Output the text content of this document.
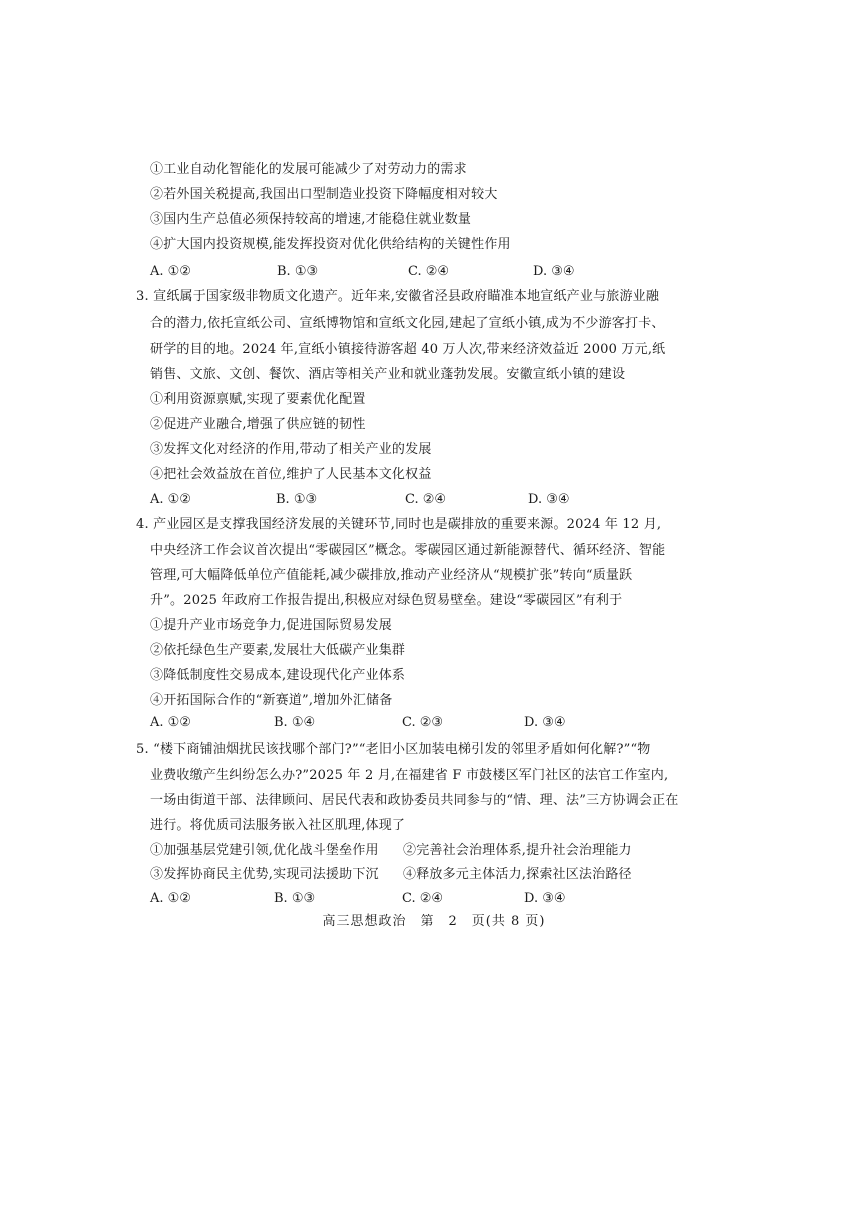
①工业自动化智能化的发展可能减少了对劳动力的需求
②若外国关税提高,我国出口型制造业投资下降幅度相对较大
③国内生产总值必须保持较高的增速,才能稳住就业数量
④扩大国内投资规模,能发挥投资对优化供给结构的关键性作用
A. ①②	B. ①③	C. ②④	D. ③④
3. 宣纸属于国家级非物质文化遗产。近年来,安徽省泾县政府瞄准本地宣纸产业与旅游业融
合的潜力,依托宣纸公司、宣纸博物馆和宣纸文化园,建起了宣纸小镇,成为不少游客打卡、
研学的目的地。2024 年,宣纸小镇接待游客超 40 万人次,带来经济效益近 2000 万元,纸
销售、文旅、文创、餐饮、酒店等相关产业和就业蓬勃发展。安徽宣纸小镇的建设
①利用资源禀赋,实现了要素优化配置
②促进产业融合,增强了供应链的韧性
③发挥文化对经济的作用,带动了相关产业的发展
④把社会效益放在首位,维护了人民基本文化权益
A. ①②	B. ①③	C. ②④	D. ③④
4. 产业园区是支撑我国经济发展的关键环节,同时也是碳排放的重要来源。2024 年 12 月,
中央经济工作会议首次提出“零碳园区”概念。零碳园区通过新能源替代、循环经济、智能
管理,可大幅降低单位产值能耗,减少碳排放,推动产业经济从“规模扩张”转向“质量跃
升”。2025 年政府工作报告提出,积极应对绿色贸易壁垒。建设“零碳园区”有利于
①提升产业市场竞争力,促进国际贸易发展
②依托绿色生产要素,发展壮大低碳产业集群
③降低制度性交易成本,建设现代化产业体系
④开拓国际合作的“新赛道”,增加外汇储备
A. ①②	B. ①④	C. ②③	D. ③④
5. “楼下商铺油烟扰民该找哪个部门?”“老旧小区加装电梯引发的邻里矛盾如何化解?”“物
业费收缴产生纠纷怎么办?”2025 年 2 月,在福建省 F 市鼓楼区军门社区的法官工作室内,
一场由街道干部、法律顾问、居民代表和政协委员共同参与的“情、理、法”三方协调会正在
进行。将优质司法服务嵌入社区肌理,体现了
①加强基层党建引领,优化战斗堡垒作用 ②完善社会治理体系,提升社会治理能力
③发挥协商民主优势,实现司法援助下沉 ④释放多元主体活力,探索社区法治路径
A. ①②	B. ①③	C. ②④	D. ③④
高三思想政治　第　2　页(共 8 页)
